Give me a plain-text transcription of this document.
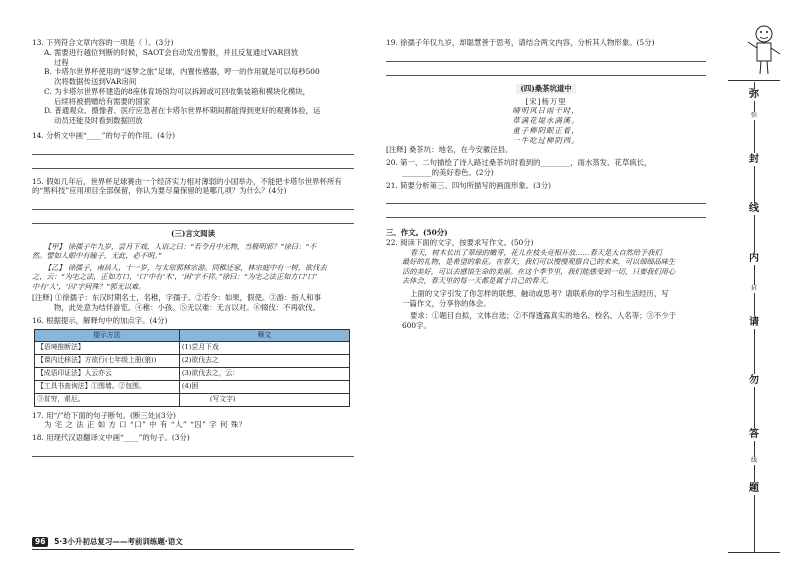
13. 下列符合文章内容的一项是（ ）。(3分)

A. 需要进行越位判断的时候，SAOT会自动发出警报，并且反复通过VAR回放

过程

B. 卡塔尔世界杯使用的“逐梦之旅”足球，内置传感器，哼一的作用就是可以每秒500

次将数据传送到VAR房间

C. 为卡塔尔世界杯建造的8座体育场馆均可以拆卸或可回收集装箱和模块化模块，

后续将被捐赠给有需要的国家

D. 普通观众、摄像者、医疗应急者在卡塔尔世界杯期间都能得到更好的观赛体验，运

动员还能及时看到数据回放

14. 分析文中画“____”的句子的作用。(4分)

15. 假如几年后，世界杯足球赛由一个经济实力相对薄弱的小国举办，不能把卡塔尔世界杯所有

的“黑科技”应用项目全部保留，你认为要尽量保留的是哪几项？为什么？(4分)

(三)言文阅读

【甲】 徐孺子年九岁，尝月下戏，人语之曰：“若令月中无物，当极明邪？”徐曰：“不

然。譬如人眼中有瞳子，无此，必不明。”

【乙】 徐孺子，南昌人，十一岁，与太原郭林宗游。同稚还家，林宗庭中有一树，欲伐去

之，云：“为宅之法，正如方口，‘口’中有‘木’，‘困’字不祥。”徐曰：“为宅之法正如方口‘口’

中有‘人’，‘囚’字何殊？”郭无以难。

[注释] ①徐孺子：东汉时期名士，名稚，字孺子。②若令：如果，假使。③游：指人和事

物，此处意为结伴游览。④稚：小孩。⑤无以难：无言以对。⑥辍伐：不再砍伐。

16. 根据提示，解释句中的加点字。(4分)

提示方法	释文
【语境推断法】	(1)尝月下戏
【课内迁移法】方欲行(七年级上册(狼))	(2)欲伐去之
【成语印证法】人云亦云	(3)欲伐去之，云：
【工具书查询法】①围墙。②包围。	(4)困
③贫穷，艰厄。	(写文字)

17. 用“/”给下面的句子断句。(断三处)(3分)

为 宅 之 法 正 如 方 口 “口” 中 有 “人” “囚” 字 何 殊？

18. 用现代汉语翻译文中画“____”的句子。(3分)

19. 徐孺子年仅九岁，却聪慧善于思考，请结合两文内容，分析其人物形象。(5分)

(四)桑茶坑道中

[宋]杨万里

晴明风日雨干时，

草满花堤水满溪。

童子柳阴眠正着，

一牛吃过柳阴西。

[注释] 桑茶坑：地名，在今安徽泾县。

20. 第一、二句描绘了诗人路过桑茶坑时看到的________，雨水蒸发、花草疯长，

________的美好春色。(2分)

21. 简要分析第三、四句所描写的画面形象。(3分)

三、作文。(50分)

22. 阅读下面的文字，按要求写作文。(50分)

春天，树木长出了翠绿的嫩芽，花儿在枝头竞相开放……春天是大自然给予我们

最好的礼物，是希望的象征。在春天，我们可以慢慢观察自己的未来，可以细细品味生

活的美好，可以去感悟生命的美丽。在这个季节里，我们能感受到一切，只要我们用心

去体会，春天里的每一天都是属于自己的春天。

上面的文字引发了你怎样的联想、触动或思考？请联系你的学习和生活经历，写

一篇作文，分享你的体会。

要求：①题目自拟，文体自选；②不得透露真实的地名、校名、人名等；③不少于

600字。

96 5·3小升初总复习——考前训练题·语文
弥
弥
封
线
内
封
请
勿
答
线
题
